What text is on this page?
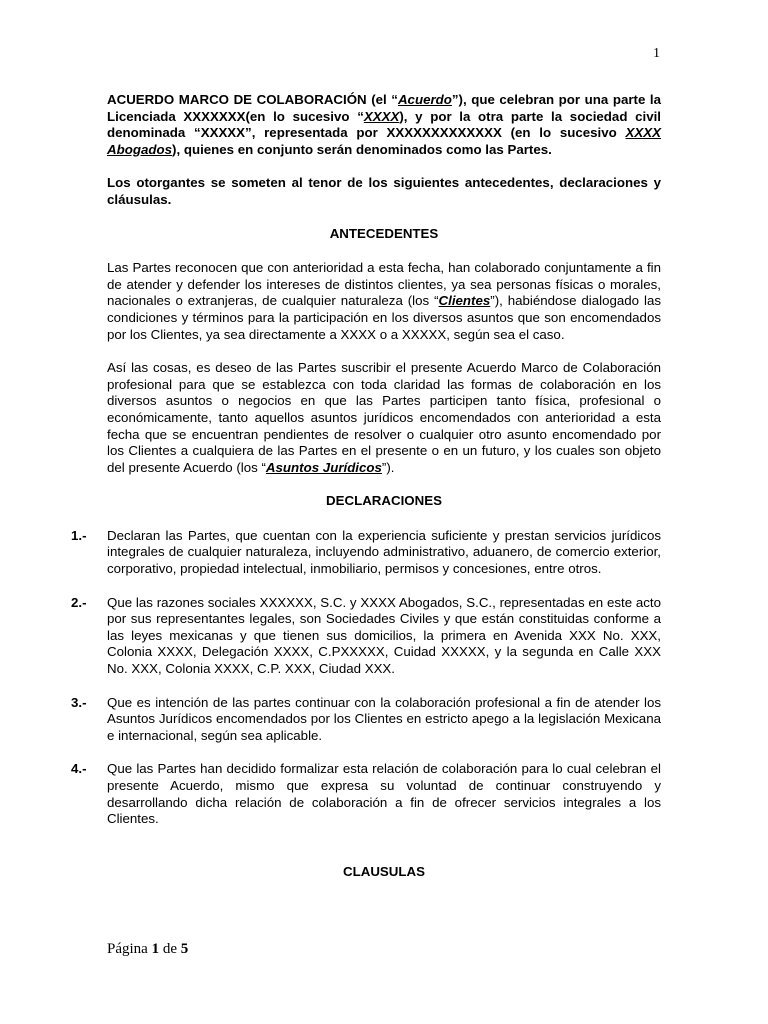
1

ACUERDO MARCO DE COLABORACIÓN (el “Acuerdo”), que celebran por una parte la Licenciada XXXXXXX(en lo sucesivo “XXXX), y por la otra parte la sociedad civil denominada “XXXXX”, representada por XXXXXXXXXXXXX (en lo sucesivo XXXX Abogados), quienes en conjunto serán denominados como las Partes.

Los otorgantes se someten al tenor de los siguientes antecedentes, declaraciones y cláusulas.

ANTECEDENTES

Las Partes reconocen que con anterioridad a esta fecha, han colaborado conjuntamente a fin de atender y defender los intereses de distintos clientes, ya sea personas físicas o morales, nacionales o extranjeras, de cualquier naturaleza (los “Clientes”), habiéndose dialogado las condiciones y términos para la participación en los diversos asuntos que son encomendados por los Clientes, ya sea directamente a XXXX o a XXXXX, según sea el caso.

Así las cosas, es deseo de las Partes suscribir el presente Acuerdo Marco de Colaboración profesional para que se establezca con toda claridad las formas de colaboración en los diversos asuntos o negocios en que las Partes participen tanto física, profesional o económicamente, tanto aquellos asuntos jurídicos encomendados con anterioridad a esta fecha que se encuentran pendientes de resolver o cualquier otro asunto encomendado por los Clientes a cualquiera de las Partes en el presente o en un futuro, y los cuales son objeto del presente Acuerdo (los “Asuntos Jurídicos”).

DECLARACIONES
1.- Declaran las Partes, que cuentan con la experiencia suficiente y prestan servicios jurídicos integrales de cualquier naturaleza, incluyendo administrativo, aduanero, de comercio exterior, corporativo, propiedad intelectual, inmobiliario, permisos y concesiones, entre otros.
2.- Que las razones sociales XXXXXX, S.C. y XXXX Abogados, S.C., representadas en este acto por sus representantes legales, son Sociedades Civiles y que están constituidas conforme a las leyes mexicanas y que tienen sus domicilios, la primera en Avenida XXX No. XXX, Colonia XXXX, Delegación XXXX, C.PXXXXX, Cuidad XXXXX, y la segunda en Calle XXX No. XXX, Colonia XXXX, C.P. XXX, Ciudad XXX.
3.- Que es intención de las partes continuar con la colaboración profesional a fin de atender los Asuntos Jurídicos encomendados por los Clientes en estricto apego a la legislación Mexicana e internacional, según sea aplicable.
4.- Que las Partes han decidido formalizar esta relación de colaboración para lo cual celebran el presente Acuerdo, mismo que expresa su voluntad de continuar construyendo y desarrollando dicha relación de colaboración a fin de ofrecer servicios integrales a los Clientes.
CLAUSULAS
Página 1 de 5
